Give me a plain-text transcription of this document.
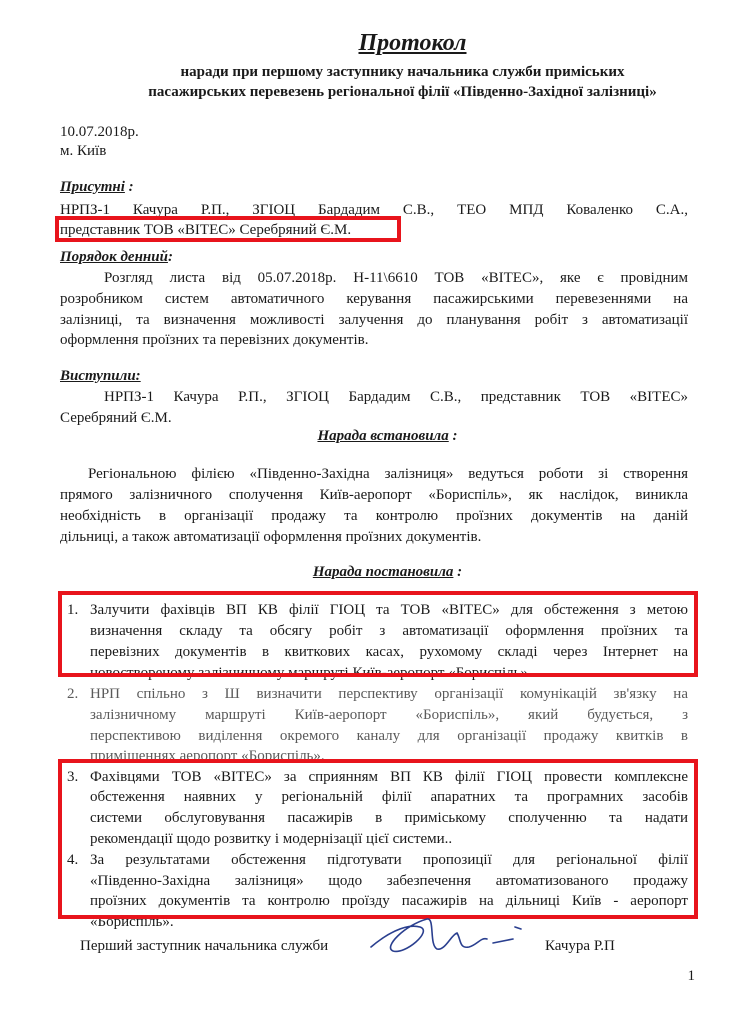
Протокол
наради при першому заступнику начальника служби приміських
пасажирських перевезень регіональної філії «Південно-Західної залізниці»
10.07.2018р.
м. Київ
Присутні :
НРПЗ-1 Качура Р.П., ЗГІОЦ Бардадим С.В., ТЕО МПД Коваленко С.А.,
представник ТОВ «ВІТЕС» Серебряний Є.М.
Порядок денний:
Розгляд листа від 05.07.2018р. Н-11\6610 ТОВ «ВІТЕС», яке є провідним
розробником систем автоматичного керування пасажирськими перевезеннями на
залізниці, та визначення можливості залучення до планування робіт з автоматизації
оформлення проїзних та перевізних документів.
Виступили:
НРПЗ-1 Качура Р.П., ЗГІОЦ Бардадим С.В., представник ТОВ «ВІТЕС»
Серебряний Є.М.
Нарада встановила :
Регіональною філією «Південно-Західна залізниця» ведуться роботи зі створення
прямого залізничного сполучення Київ-аеропорт «Бориспіль», як наслідок, виникла
необхідність в організації продажу та контролю проїзних документів на даній
дільниці, а також автоматизації оформлення проїзних документів.
Нарада постановила :
1. Залучити фахівців ВП КВ філії ГІОЦ та ТОВ «ВІТЕС» для обстеження з метою
визначення складу та обсягу робіт з автоматизації оформлення проїзних та
перевізних документів в квиткових касах, рухомому складі через Інтернет на
новоствореному залізничному маршруті Київ-аеропорт «Бориспіль»
2. НРП спільно з Ш визначити перспективу організації комунікацій зв'язку на
залізничному маршруті Київ-аеропорт «Бориспіль», який будується, з
перспективою виділення окремого каналу для організації продажу квитків в
приміщеннях аеропорт «Бориспіль».
3. Фахівцями ТОВ «ВІТЕС» за сприянням ВП КВ філії ГІОЦ провести комплексне
обстеження наявних у регіональній філії апаратних та програмних засобів
системи обслуговування пасажирів в приміському сполученню та надати
рекомендації щодо розвитку і модернізації цієї системи..
4. За результатами обстеження підготувати пропозиції для регіональної філії
«Південно-Західна залізниця» щодо забезпечення автоматизованого продажу
проїзних документів та контролю проїзду пасажирів на дільниці Київ - аеропорт
«Бориспіль».
Перший заступник начальника служби	Качура Р.П
1
